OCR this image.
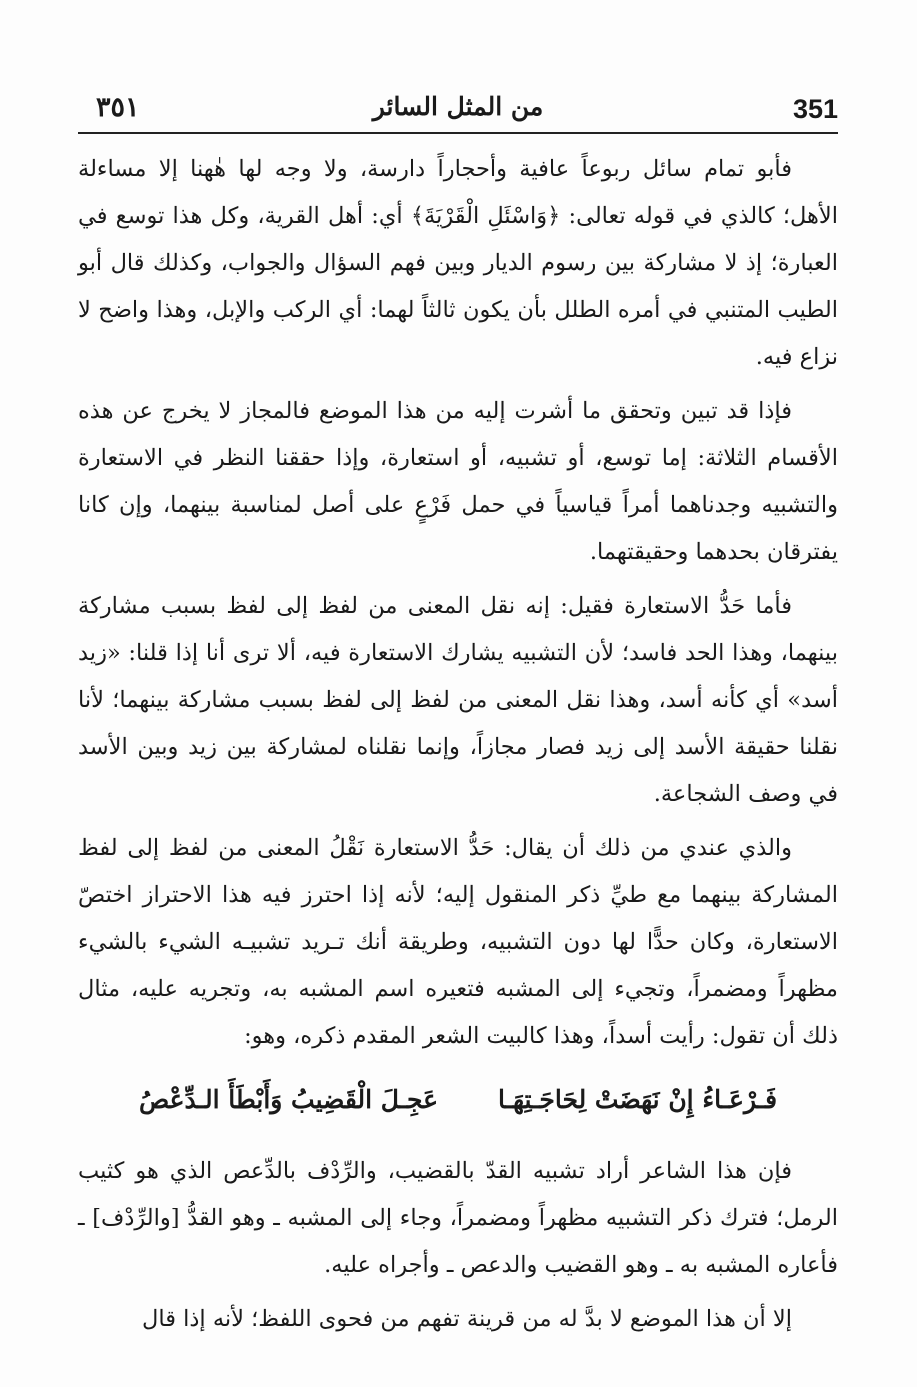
351
من المثل السائر
٣٥١

فأبو تمام سائل ربوعاً عافية وأحجاراً دارسة، ولا وجه لها هٰهنا إلا مساءلة الأهل؛ كالذي في قوله تعالى: ﴿وَاسْئَلِ الْقَرْيَةَ﴾ أي: أهل القرية، وكل هذا توسع في العبارة؛ إذ لا مشاركة بين رسوم الديار وبين فهم السؤال والجواب، وكذلك قال أبو الطيب المتنبي في أمره الطلل بأن يكون ثالثاً لهما: أي الركب والإبل، وهذا واضح لا نزاع فيه.

فإذا قد تبين وتحقق ما أشرت إليه من هذا الموضع فالمجاز لا يخرج عن هذه الأقسام الثلاثة: إما توسع، أو تشبيه، أو استعارة، وإذا حققنا النظر في الاستعارة والتشبيه وجدناهما أمراً قياسياً في حمل فَرْعٍ على أصل لمناسبة بينهما، وإن كانا يفترقان بحدهما وحقيقتهما.

فأما حَدُّ الاستعارة فقيل: إنه نقل المعنى من لفظ إلى لفظ بسبب مشاركة بينهما، وهذا الحد فاسد؛ لأن التشبيه يشارك الاستعارة فيه، ألا ترى أنا إذا قلنا: «زيد أسد» أي كأنه أسد، وهذا نقل المعنى من لفظ إلى لفظ بسبب مشاركة بينهما؛ لأنا نقلنا حقيقة الأسد إلى زيد فصار مجازاً، وإنما نقلناه لمشاركة بين زيد وبين الأسد في وصف الشجاعة.

والذي عندي من ذلك أن يقال: حَدُّ الاستعارة نَقْلُ المعنى من لفظ إلى لفظ المشاركة بينهما مع طيِّ ذكر المنقول إليه؛ لأنه إذا احترز فيه هذا الاحتراز اختصّ الاستعارة، وكان حدًّا لها دون التشبيه، وطريقة أنك تـريد تشبيـه الشيء بالشيء مظهراً ومضمراً، وتجيء إلى المشبه فتعيره اسم المشبه به، وتجريه عليه، مثال ذلك أن تقول: رأيت أسداً، وهذا كالبيت الشعر المقدم ذكره، وهو:

فَـرْعَـاءُ إِنْ نَهَضَتْ لِحَاجَـتِهَـا
عَجِـلَ الْقَضِيبُ وَأَبْطَأَ الـدِّعْصُ

فإن هذا الشاعر أراد تشبيه القدّ بالقضيب، والرِّدْف بالدِّعص الذي هو كثيب الرمل؛ فترك ذكر التشبيه مظهراً ومضمراً، وجاء إلى المشبه ـ وهو القدُّ [والرِّدْف] ـ فأعاره المشبه به ـ وهو القضيب والدعص ـ وأجراه عليه.

إلا أن هذا الموضع لا بدَّ له من قرينة تفهم من فحوى اللفظ؛ لأنه إذا قال
